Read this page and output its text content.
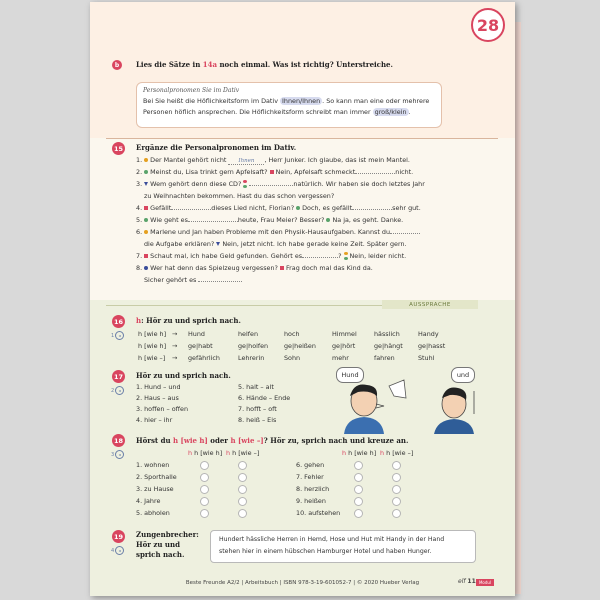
28
b	Lies die Sätze in 14a noch einmal. Was ist richtig? Unterstreiche.
Personalpronomen Sie im Dativ
Bei Sie heißt die Höflichkeitsform im Dativ Ihnen/Ihnen . So kann man eine oder mehrere
Personen höflich ansprechen. Die Höflichkeitsform schreibt man immer groß/klein .
15 Ergänze die Personalpronomen im Dativ.
1. Der Mantel gehört nicht Ihnen , Herr Junker. Ich glaube, das ist mein Mantel.
2. Meinst du, Lisa trinkt gern Apfelsaft? Nein, Apfelsaft schmeckt	nicht.
3. Wem gehört denn diese CD?	natürlich. Wir haben sie doch letztes Jahr
zu Weihnachten bekommen. Hast du das schon vergessen?
4. Gefällt	dieses Lied nicht, Florian? Doch, es gefällt	sehr gut.
5. Wie geht es	heute, Frau Meier? Besser? Na ja, es geht. Danke.
6. Marlene und Jan haben Probleme mit den Physik-Hausaufgaben. Kannst du
die Aufgabe erklären? Nein, jetzt nicht. Ich habe gerade keine Zeit. Später gern.
7. Schaut mal, ich habe Geld gefunden. Gehört es	? Nein, leider nicht.
8. Wer hat denn das Spielzeug vergessen? Frag doch mal das Kind da.
Sicher gehört es
AUSSPRACHE
16
1	◂
h: Hör zu und sprich nach.
h [wie h] → Hund	helfen	hoch	Himmel	hässlich	Handy
h [wie h] → ge|habt	ge|holfen ge|heißen	ge|hört	ge|hängt ge|hasst
h [wie –] → gefährlich	Lehrerin	Sohn	mehr	fahren	Stuhl
17
2	◂
Hör zu und sprich nach.
1. Hund – und
2. Haus – aus
3. hoffen – offen
4. hier – ihr
5. halt – alt
6. Hände – Ende
7. hofft – oft
8. heiß – Eis
Hund	und
18
3	◂
Hörst du h [wie h] oder h [wie –]? Hör zu, sprich nach und kreuze an.
h h [wie h] h h [wie –]	h h [wie h] h h [wie –]
1. wohnen
2. Sporthalle
3. zu Hause
4. Jahre
5. abholen
6. gehen
7. Fehler
8. herzlich
9. heißen
10. aufstehen
19
4	◂
Zungenbrecher:
Hör zu und
sprich nach.
Hundert hässliche Herren in Hemd, Hose und Hut mit Handy in der Hand
stehen hier in einem hübschen Hamburger Hotel und haben Hunger.
Beste Freunde A2/2 | Arbeitsbuch | ISBN 978-3-19-601052-7 | © 2020 Hueber Verlag	elf 11 Modul
